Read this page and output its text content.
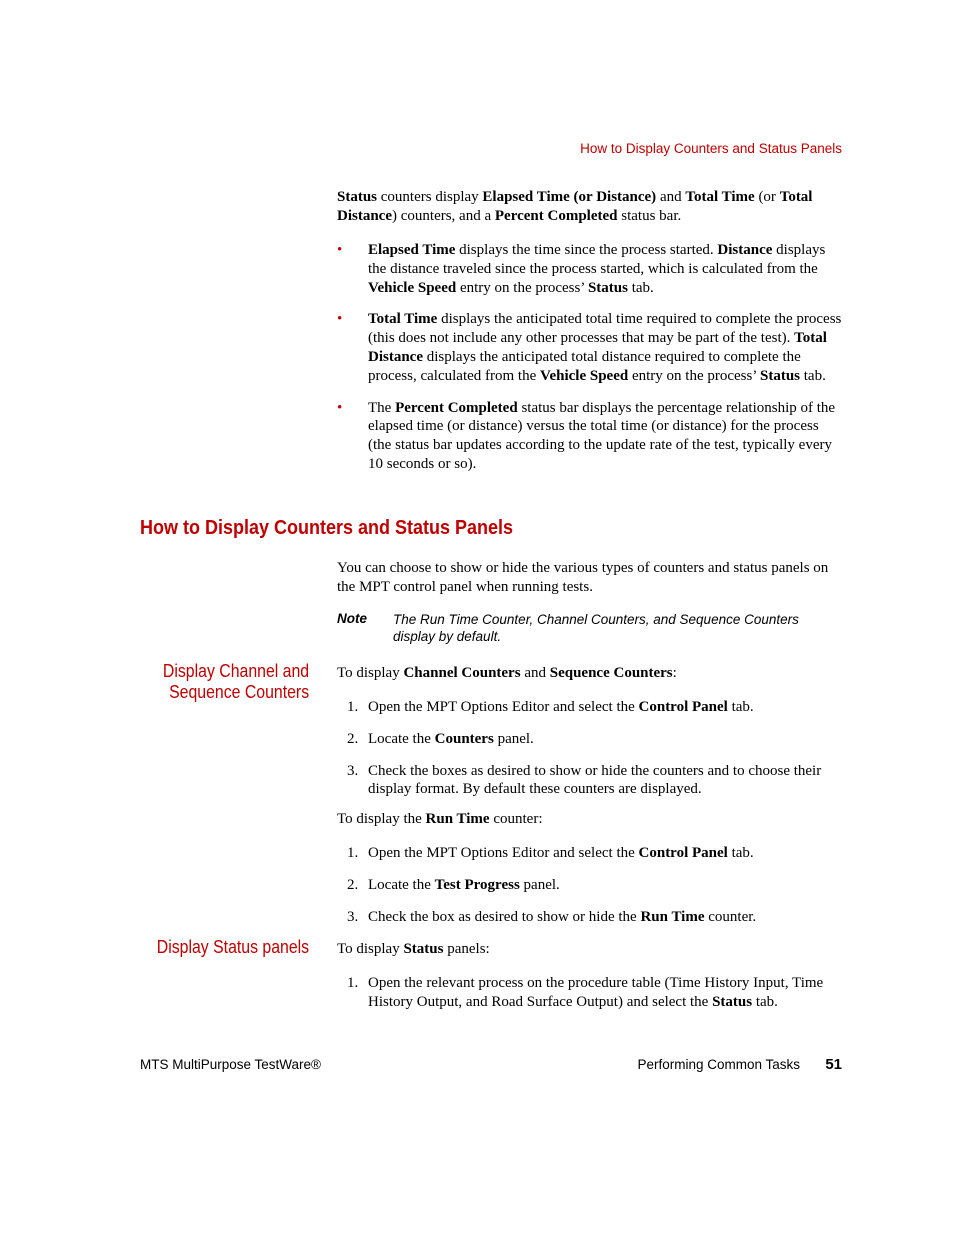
How to Display Counters and Status Panels

Status counters display Elapsed Time (or Distance) and Total Time (or Total Distance) counters, and a Percent Completed status bar.

• Elapsed Time displays the time since the process started. Distance displays the distance traveled since the process started, which is calculated from the Vehicle Speed entry on the process’ Status tab.
• Total Time displays the anticipated total time required to complete the process (this does not include any other processes that may be part of the test). Total Distance displays the anticipated total distance required to complete the process, calculated from the Vehicle Speed entry on the process’ Status tab.
• The Percent Completed status bar displays the percentage relationship of the elapsed time (or distance) versus the total time (or distance) for the process (the status bar updates according to the update rate of the test, typically every 10 seconds or so).
How to Display Counters and Status Panels

You can choose to show or hide the various types of counters and status panels on the MPT control panel when running tests.

Note The Run Time Counter, Channel Counters, and Sequence Counters display by default.
Display Channel and
Sequence Counters

To display Channel Counters and Sequence Counters:

1. Open the MPT Options Editor and select the Control Panel tab.
2. Locate the Counters panel.
3. Check the boxes as desired to show or hide the counters and to choose their display format. By default these counters are displayed.

To display the Run Time counter:

1. Open the MPT Options Editor and select the Control Panel tab.
2. Locate the Test Progress panel.
3. Check the box as desired to show or hide the Run Time counter.
Display Status panels To display Status panels:

1. Open the relevant process on the procedure table (Time History Input, Time History Output, and Road Surface Output) and select the Status tab.
MTS MultiPurpose TestWare®	Performing Common Tasks 51
